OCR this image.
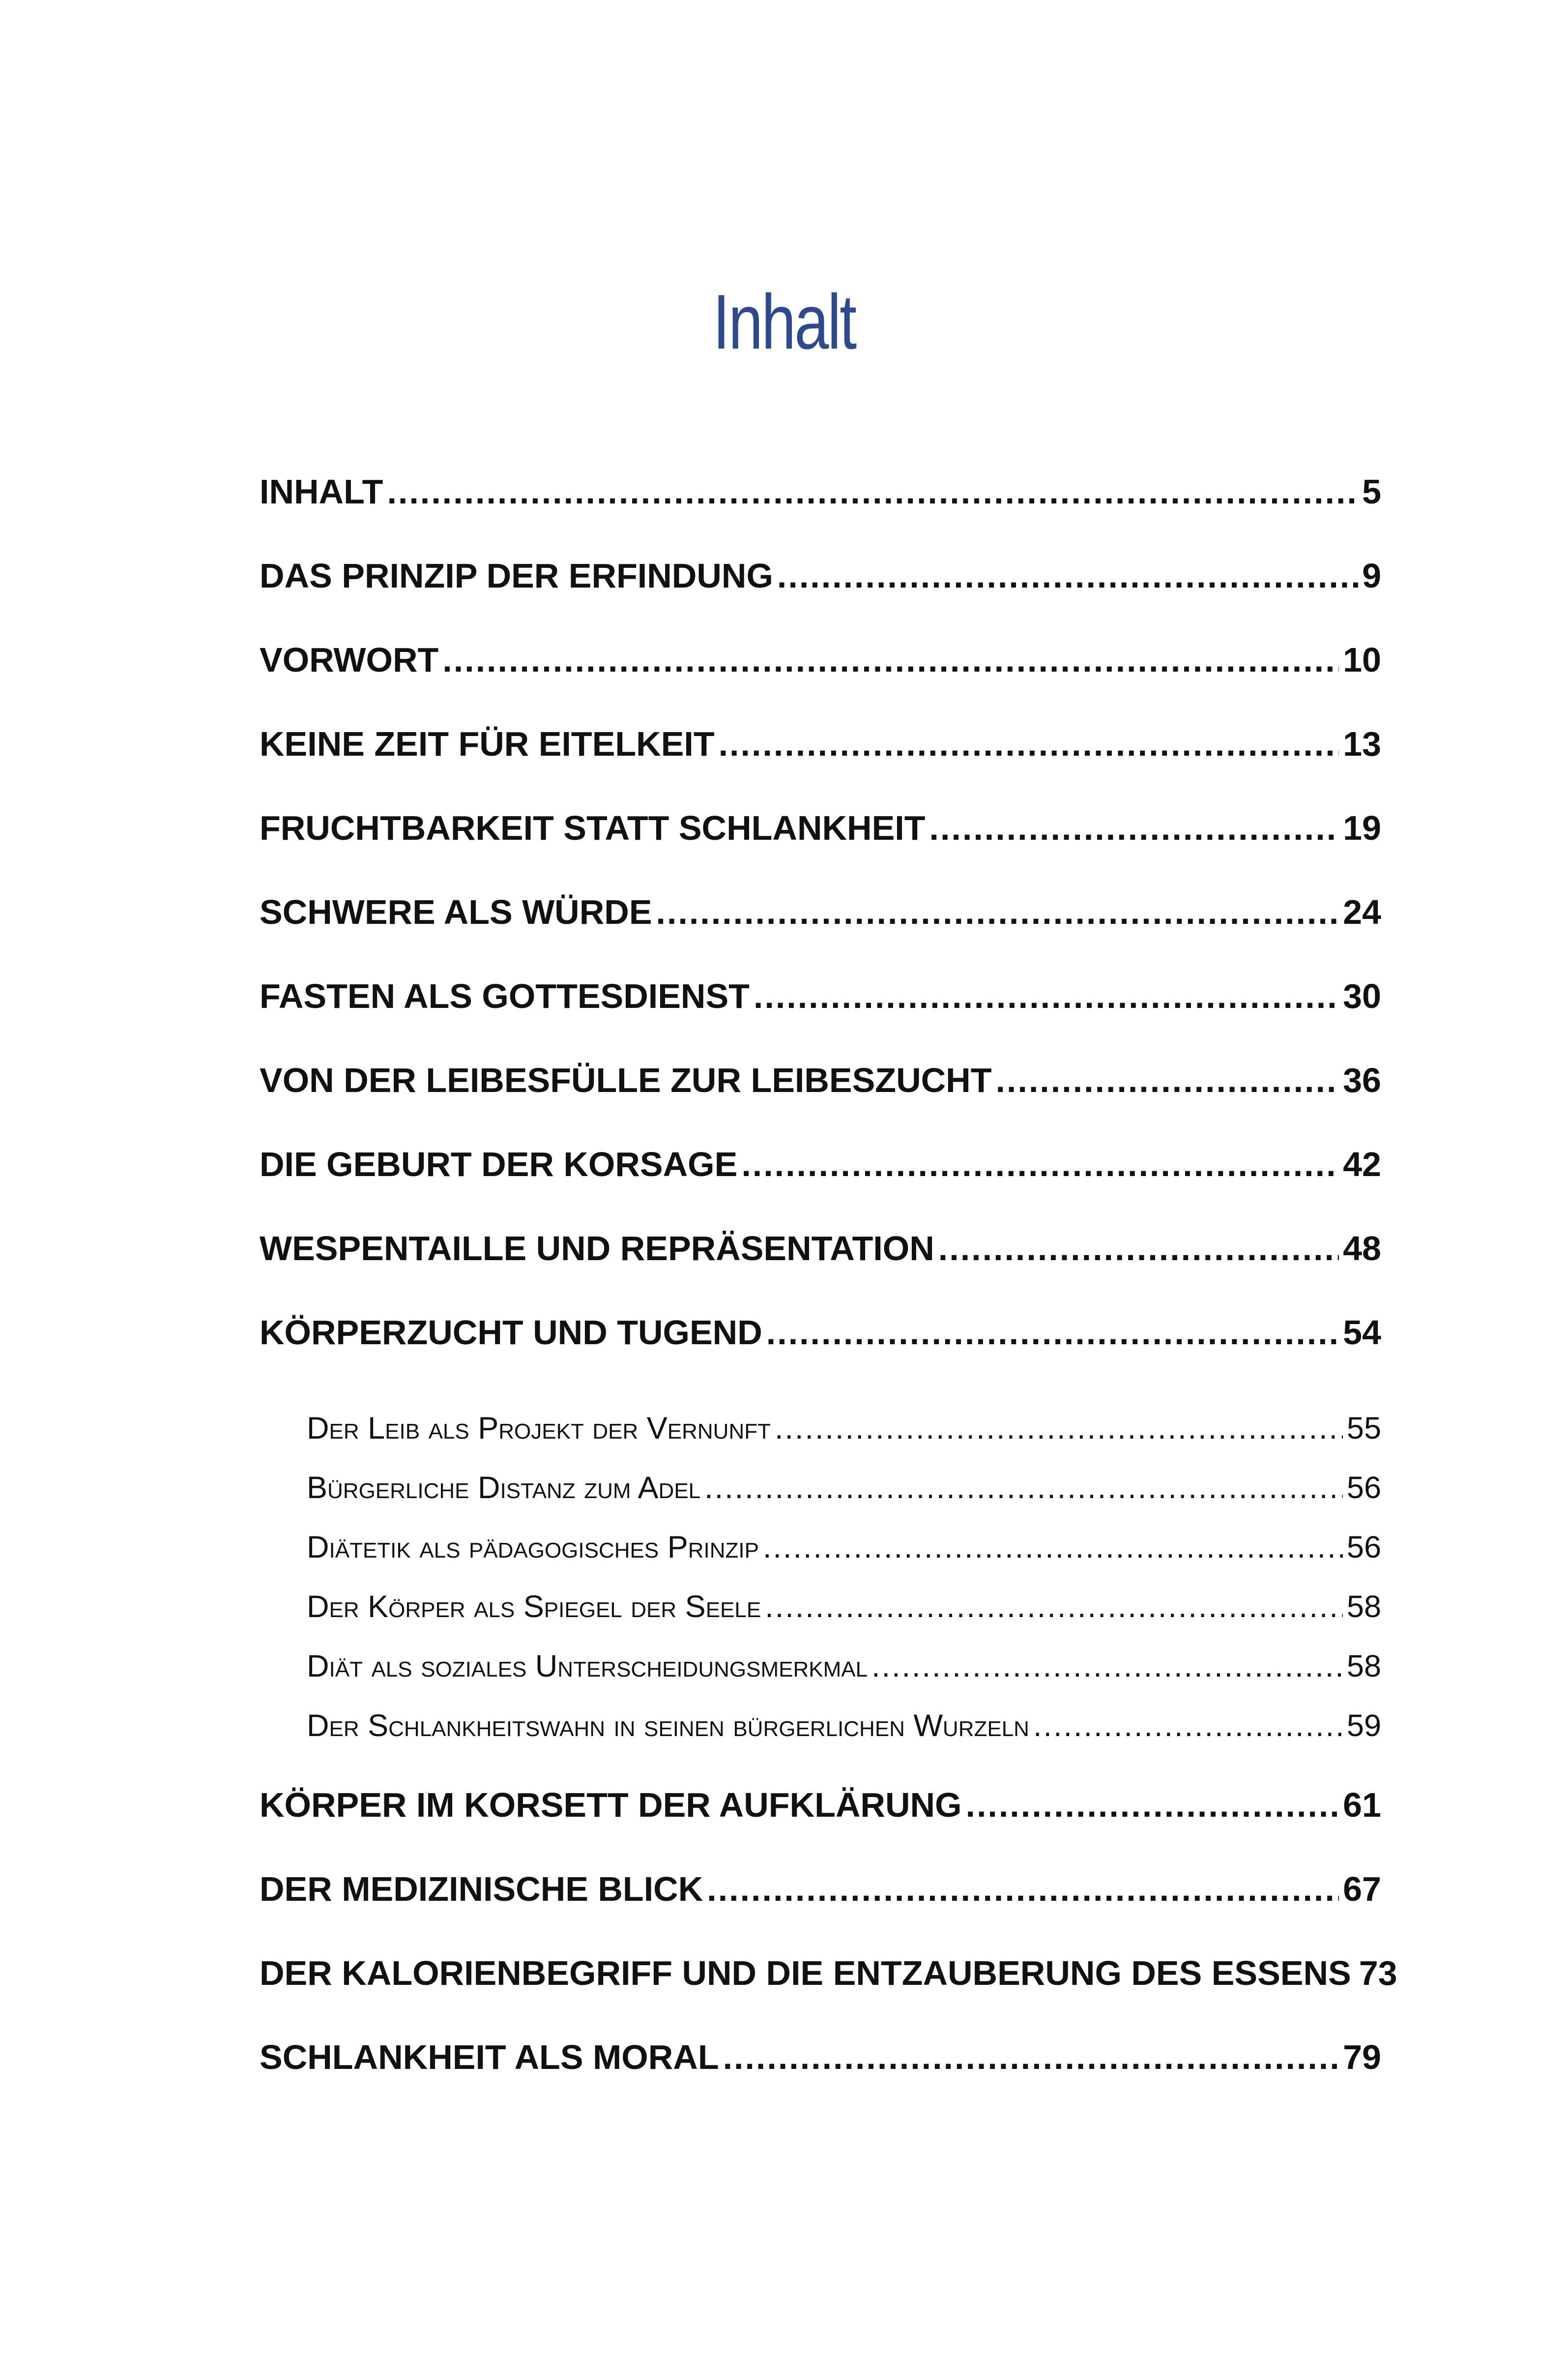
Inhalt
INHALT .....	5
DAS PRINZIP DER ERFINDUNG .....	9
VORWORT .....	10
KEINE ZEIT FÜR EITELKEIT .....	13
FRUCHTBARKEIT STATT SCHLANKHEIT .....	19
SCHWERE ALS WÜRDE .....	24
FASTEN ALS GOTTESDIENST .....	30
VON DER LEIBESFÜLLE ZUR LEIBESZUCHT .....	36
DIE GEBURT DER KORSAGE .....	42
WESPENTAILLE UND REPRÄSENTATION .....	48
KÖRPERZUCHT UND TUGEND .....	54
Der Leib als Projekt der Vernunft .....	55
Bürgerliche Distanz zum Adel .....	56
Diätetik als pädagogisches Prinzip .....	56
Der Körper als Spiegel der Seele .....	58
Diät als soziales Unterscheidungsmerkmal .....	58
Der Schlankheitswahn in seinen bürgerlichen Wurzeln .....	59
KÖRPER IM KORSETT DER AUFKLÄRUNG .....	61
DER MEDIZINISCHE BLICK .....	67
DER KALORIENBEGRIFF UND DIE ENTZAUBERUNG DES ESSENS 73
SCHLANKHEIT ALS MORAL .....	79
